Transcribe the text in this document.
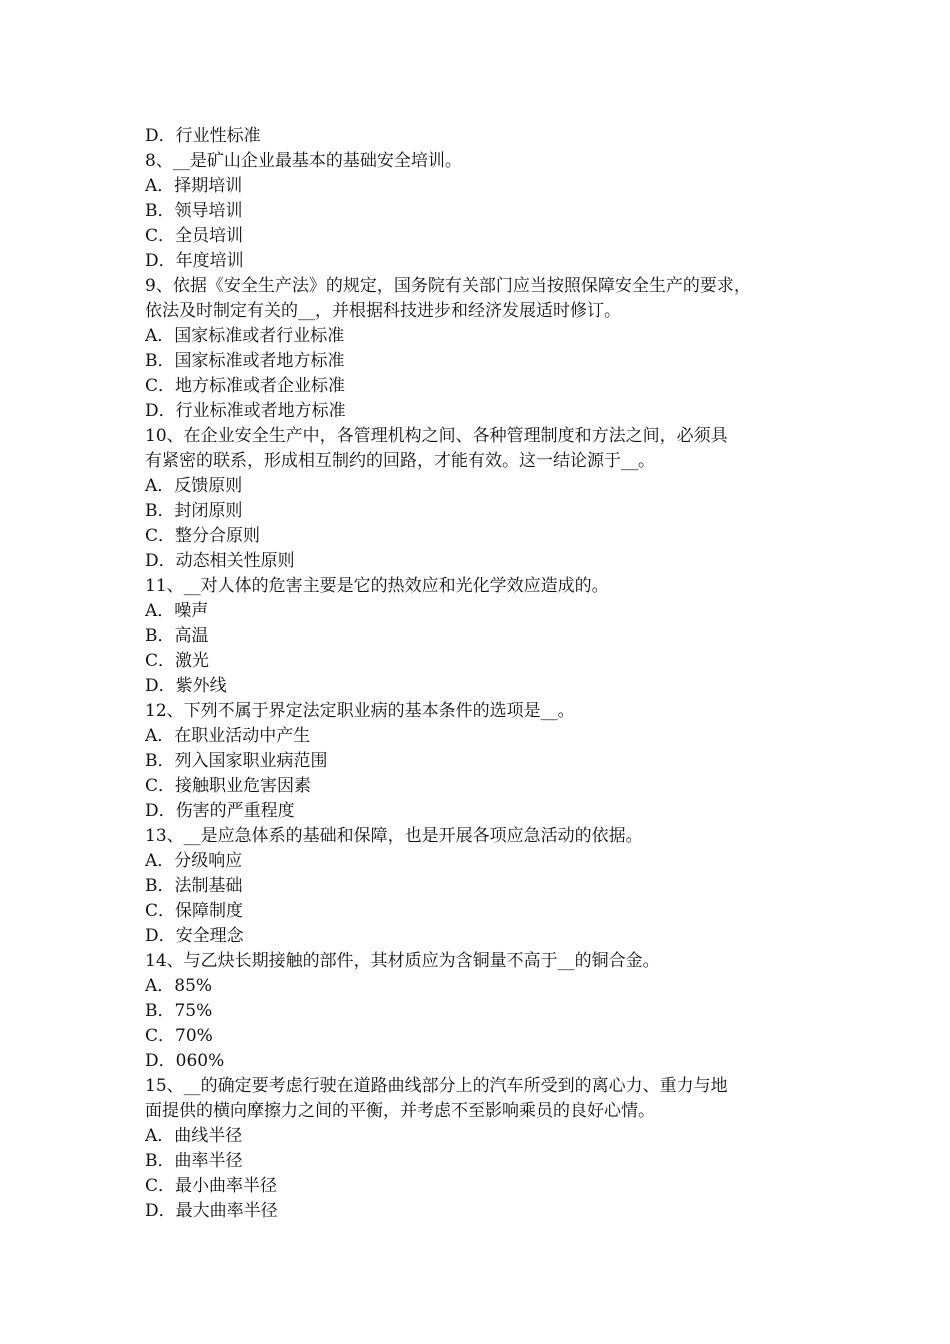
D．行业性标准
8、__是矿山企业最基本的基础安全培训。
A．择期培训
B．领导培训
C．全员培训
D．年度培训
9、依据《安全生产法》的规定，国务院有关部门应当按照保障安全生产的要求，
依法及时制定有关的__，并根据科技进步和经济发展适时修订。
A．国家标准或者行业标准
B．国家标准或者地方标准
C．地方标准或者企业标准
D．行业标准或者地方标准
10、在企业安全生产中，各管理机构之间、各种管理制度和方法之间，必须具
有紧密的联系，形成相互制约的回路，才能有效。这一结论源于__。
A．反馈原则
B．封闭原则
C．整分合原则
D．动态相关性原则
11、__对人体的危害主要是它的热效应和光化学效应造成的。
A．噪声
B．高温
C．激光
D．紫外线
12、下列不属于界定法定职业病的基本条件的选项是__。
A．在职业活动中产生
B．列入国家职业病范围
C．接触职业危害因素
D．伤害的严重程度
13、__是应急体系的基础和保障，也是开展各项应急活动的依据。
A．分级响应
B．法制基础
C．保障制度
D．安全理念
14、与乙炔长期接触的部件，其材质应为含铜量不高于__的铜合金。
A．85%
B．75%
C．70%
D．060%
15、__的确定要考虑行驶在道路曲线部分上的汽车所受到的离心力、重力与地
面提供的横向摩擦力之间的平衡，并考虑不至影响乘员的良好心情。
A．曲线半径
B．曲率半径
C．最小曲率半径
D．最大曲率半径
